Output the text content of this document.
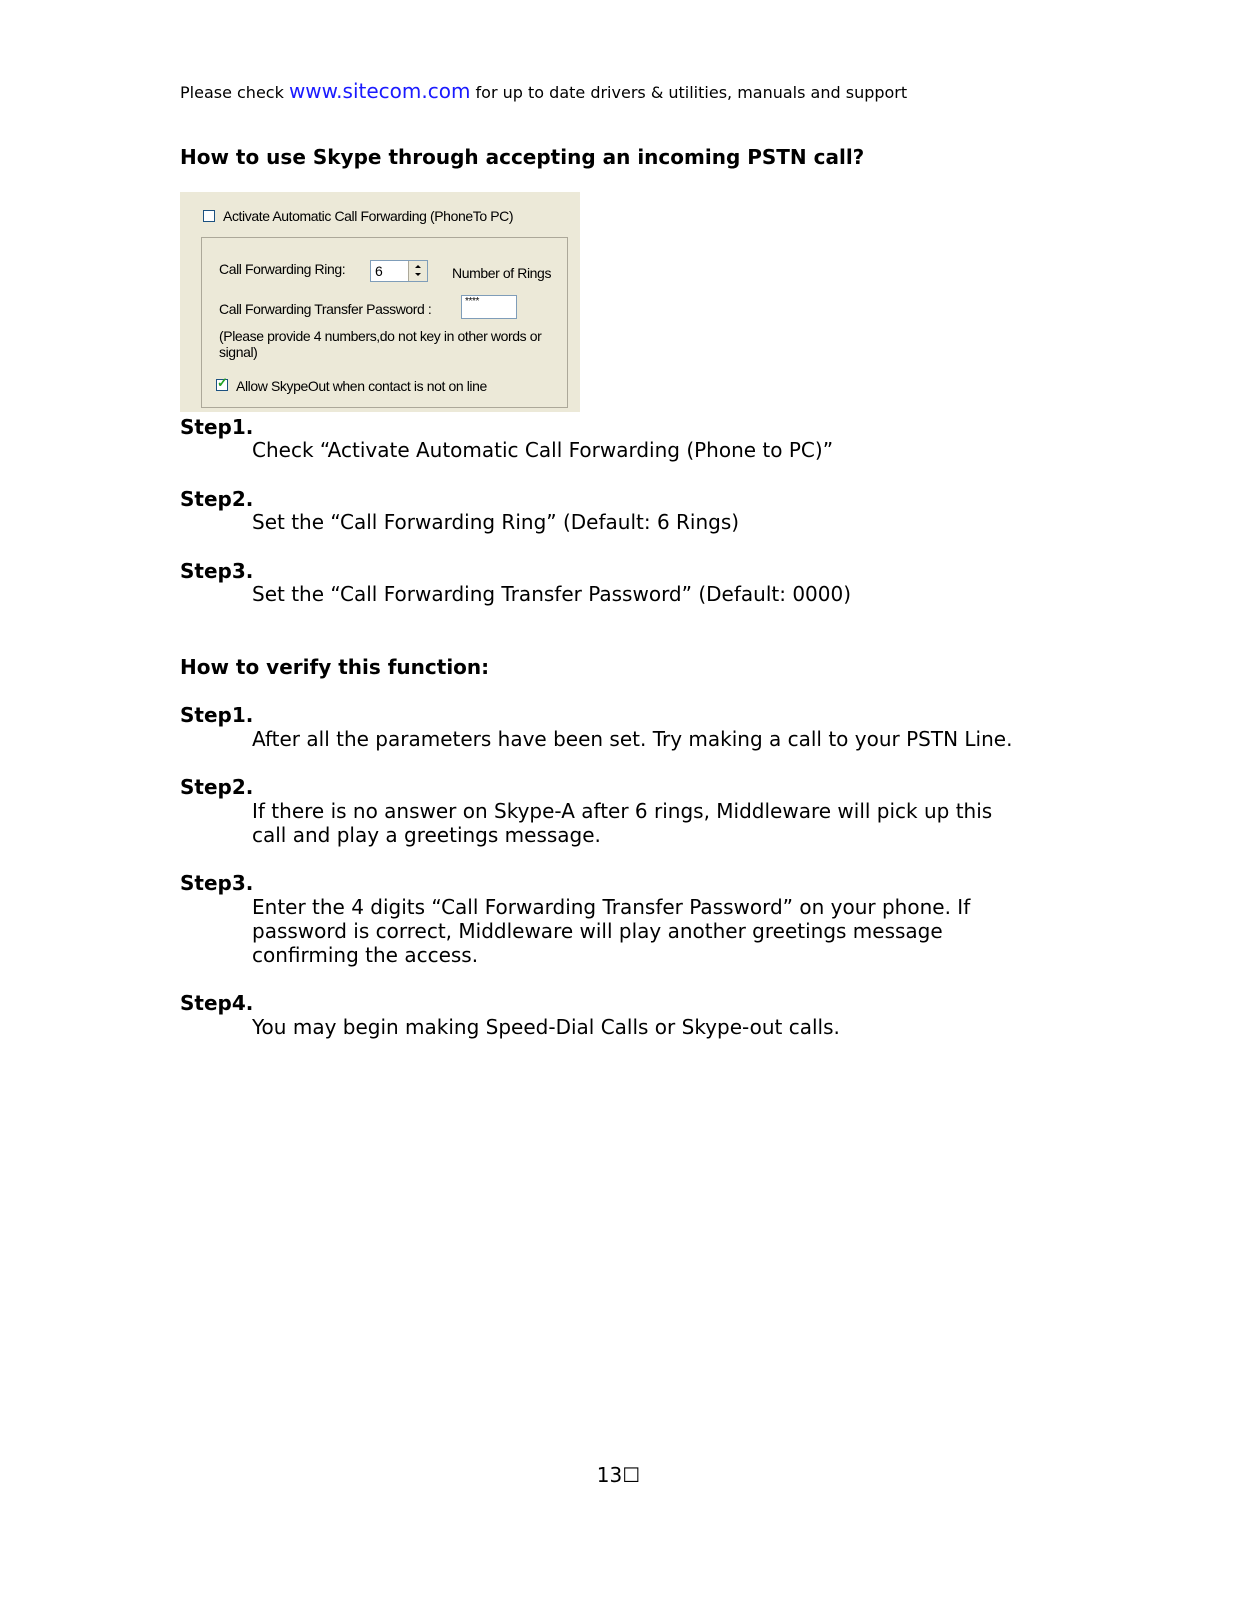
Please check www.sitecom.com for up to date drivers & utilities, manuals and support
How to use Skype through accepting an incoming PSTN call?
Activate Automatic Call Forwarding (PhoneTo PC)
Call Forwarding Ring: 6	Number of Rings
Call Forwarding Transfer Password :	****
(Please provide 4 numbers,do not key in other words or
signal)
✓ Allow SkypeOut when contact is not on line
Step1.
Check “Activate Automatic Call Forwarding (Phone to PC)”
Step2.
Set the “Call Forwarding Ring” (Default: 6 Rings)
Step3.
Set the “Call Forwarding Transfer Password” (Default: 0000)
How to verify this function:
Step1.
After all the parameters have been set. Try making a call to your PSTN Line.
Step2.
If there is no answer on Skype-A after 6 rings, Middleware will pick up this call and play a greetings message.
Step3.
Enter the 4 digits “Call Forwarding Transfer Password” on your phone. If password is correct, Middleware will play another greetings message confirming the access.
Step4.
You may begin making Speed-Dial Calls or Skype-out calls.
13☐
